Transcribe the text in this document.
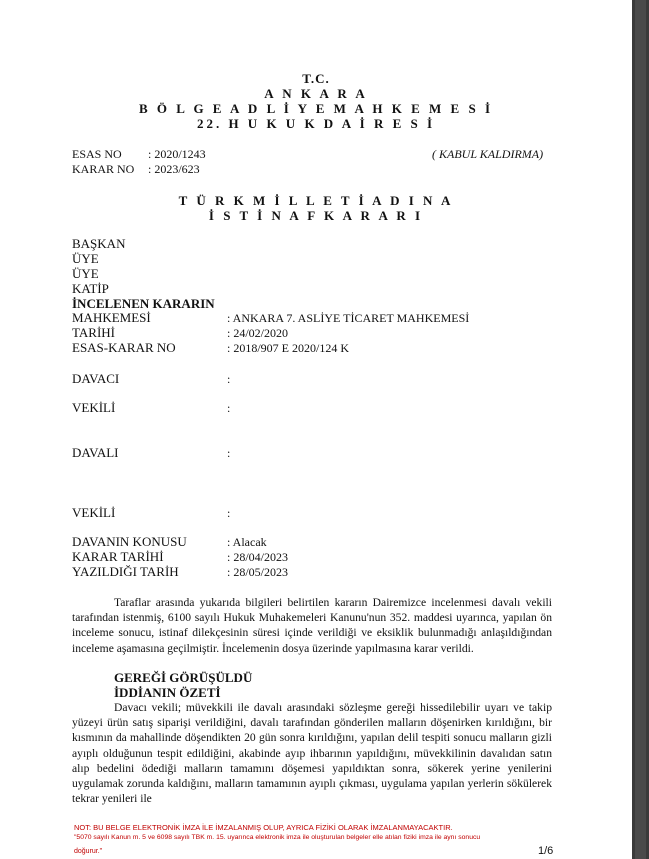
T.C.
A N K A R A
B Ö L G E A D L İ Y E M A H K E M E S İ
22. H U K U K D A İ R E S İ
ESAS NO : 2020/1243	( KABUL KALDIRMA)
KARAR NO : 2023/623
T Ü R K M İ L L E T İ A D I N A
İ S T İ N A F K A R A R I
BAŞKAN
ÜYE
ÜYE
KATİP
İNCELENEN KARARIN
MAHKEMESİ	: ANKARA 7. ASLİYE TİCARET MAHKEMESİ
TARİHİ	: 24/02/2020
ESAS-KARAR NO	: 2018/907 E 2020/124 K
DAVACI	:
VEKİLİ	:
DAVALI	:
VEKİLİ	:
DAVANIN KONUSU	: Alacak
KARAR TARİHİ	: 28/04/2023
YAZILDIĞI TARİH	: 28/05/2023

Taraflar arasında yukarıda bilgileri belirtilen kararın Dairemizce incelenmesi davalı vekili tarafından istenmiş, 6100 sayılı Hukuk Muhakemeleri Kanunu'nun 352. maddesi uyarınca, yapılan ön inceleme sonucu, istinaf dilekçesinin süresi içinde verildiği ve eksiklik bulunmadığı anlaşıldığından inceleme aşamasına geçilmiştir. İncelemenin dosya üzerinde yapılmasına karar verildi.

GEREĞİ GÖRÜŞÜLDÜ
İDDİANIN ÖZETİ

Davacı vekili; müvekkili ile davalı arasındaki sözleşme gereği hissedilebilir uyarı ve takip yüzeyi ürün satış siparişi verildiğini, davalı tarafından gönderilen malların döşenirken kırıldığını, bir kısmının da mahallinde döşendikten 20 gün sonra kırıldığını, yapılan delil tespiti sonucu malların gizli ayıplı olduğunun tespit edildiğini, akabinde ayıp ihbarının yapıldığını, müvekkilinin davalıdan satın alıp bedelini ödediği malların tamamını döşemesi yapıldıktan sonra, sökerek yerine yenilerini uygulamak zorunda kaldığını, malların tamamının ayıplı çıkması, uygulama yapılan yerlerin sökülerek tekrar yenileri ile

NOT: BU BELGE ELEKTRONİK İMZA İLE İMZALANMIŞ OLUP, AYRICA FİZİKİ OLARAK İMZALANMAYACAKTIR.
"5070 sayılı Kanun m. 5 ve 6098 sayılı TBK m. 15. uyarınca elektronik imza ile oluşturulan belgeler elle atılan fiziki imza ile aynı sonucu
doğurur."	1/6
